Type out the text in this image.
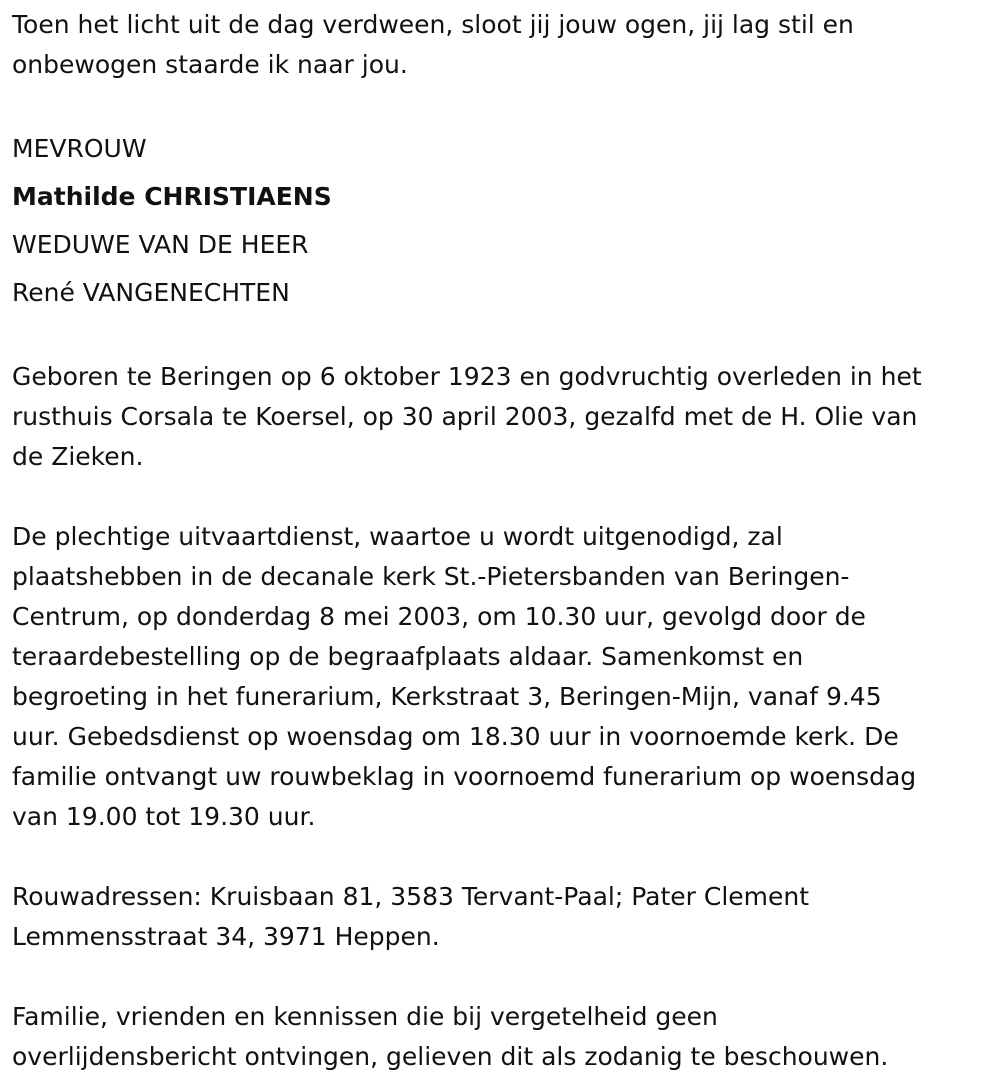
Toen het licht uit de dag verdween, sloot jij jouw ogen, jij lag stil en
onbewogen staarde ik naar jou.
MEVROUW
Mathilde CHRISTIAENS
WEDUWE VAN DE HEER
René VANGENECHTEN
Geboren te Beringen op 6 oktober 1923 en godvruchtig overleden in het
rusthuis Corsala te Koersel, op 30 april 2003, gezalfd met de H. Olie van
de Zieken.
De plechtige uitvaartdienst, waartoe u wordt uitgenodigd, zal
plaatshebben in de decanale kerk St.-Pietersbanden van Beringen-
Centrum, op donderdag 8 mei 2003, om 10.30 uur, gevolgd door de
teraardebestelling op de begraafplaats aldaar. Samenkomst en
begroeting in het funerarium, Kerkstraat 3, Beringen-Mijn, vanaf 9.45
uur. Gebedsdienst op woensdag om 18.30 uur in voornoemde kerk. De
familie ontvangt uw rouwbeklag in voornoemd funerarium op woensdag
van 19.00 tot 19.30 uur.
Rouwadressen: Kruisbaan 81, 3583 Tervant-Paal; Pater Clement
Lemmensstraat 34, 3971 Heppen.
Familie, vrienden en kennissen die bij vergetelheid geen
overlijdensbericht ontvingen, gelieven dit als zodanig te beschouwen.
